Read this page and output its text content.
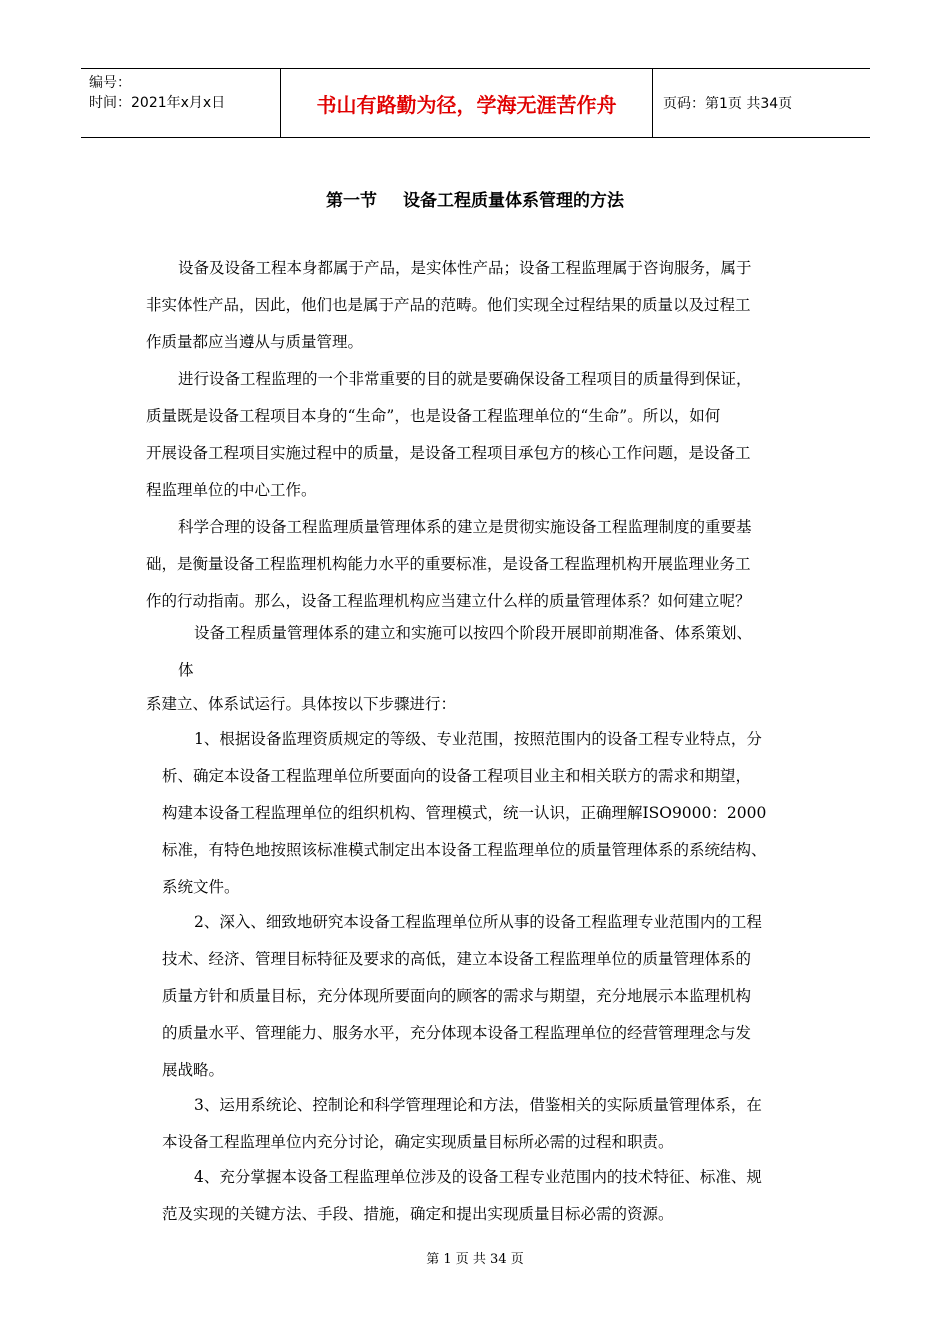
编号：
时间：2021年x月x日	书山有路勤为径，学海无涯苦作舟	页码：第1页 共34页
第一节 设备工程质量体系管理的方法
设备及设备工程本身都属于产品，是实体性产品；设备工程监理属于咨询服务，属于
非实体性产品，因此，他们也是属于产品的范畴。他们实现全过程结果的质量以及过程工
作质量都应当遵从与质量管理。
进行设备工程监理的一个非常重要的目的就是要确保设备工程项目的质量得到保证，
质量既是设备工程项目本身的“生命”，也是设备工程监理单位的“生命”。所以，如何
开展设备工程项目实施过程中的质量，是设备工程项目承包方的核心工作问题，是设备工
程监理单位的中心工作。
科学合理的设备工程监理质量管理体系的建立是贯彻实施设备工程监理制度的重要基
础，是衡量设备工程监理机构能力水平的重要标准，是设备工程监理机构开展监理业务工
作的行动指南。那么，设备工程监理机构应当建立什么样的质量管理体系？如何建立呢？
设备工程质量管理体系的建立和实施可以按四个阶段开展即前期准备、体系策划、
体
系建立、体系试运行。具体按以下步骤进行：
1、根据设备监理资质规定的等级、专业范围，按照范围内的设备工程专业特点，分
析、确定本设备工程监理单位所要面向的设备工程项目业主和相关联方的需求和期望，
构建本设备工程监理单位的组织机构、管理模式，统一认识，正确理解ISO9000：2000
标准，有特色地按照该标准模式制定出本设备工程监理单位的质量管理体系的系统结构、
系统文件。
2、深入、细致地研究本设备工程监理单位所从事的设备工程监理专业范围内的工程
技术、经济、管理目标特征及要求的高低，建立本设备工程监理单位的质量管理体系的
质量方针和质量目标，充分体现所要面向的顾客的需求与期望，充分地展示本监理机构
的质量水平、管理能力、服务水平，充分体现本设备工程监理单位的经营管理理念与发
展战略。
3、运用系统论、控制论和科学管理理论和方法，借鉴相关的实际质量管理体系，在
本设备工程监理单位内充分讨论，确定实现质量目标所必需的过程和职责。
4、充分掌握本设备工程监理单位涉及的设备工程专业范围内的技术特征、标准、规
范及实现的关键方法、手段、措施，确定和提出实现质量目标必需的资源。
第 1 页 共 34 页
